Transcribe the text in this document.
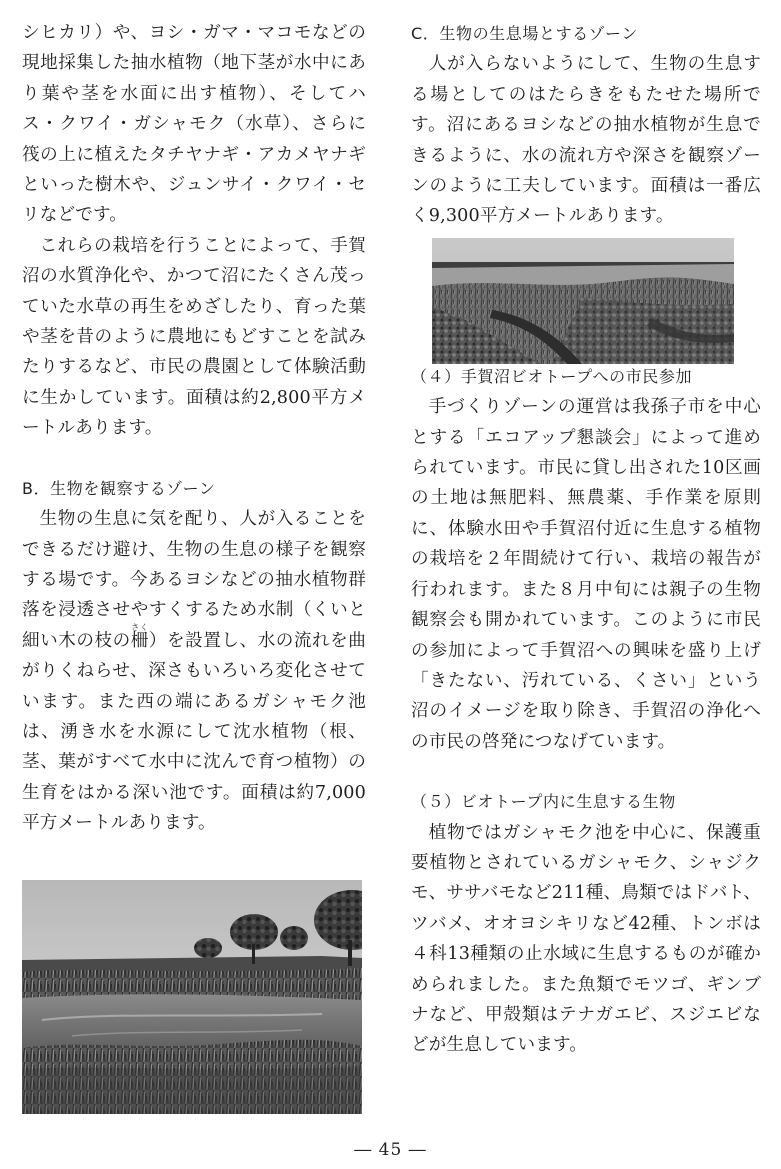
シヒカリ）や、ヨシ・ガマ・マコモなどの現地採集した抽水植物（地下茎が水中にあり葉や茎を水面に出す植物）、そしてハス・クワイ・ガシャモク（水草）、さらに筏の上に植えたタチヤナギ・アカメヤナギといった樹木や、ジュンサイ・クワイ・セリなどです。

これらの栽培を行うことによって、手賀沼の水質浄化や、かつて沼にたくさん茂っていた水草の再生をめざしたり、育った葉や茎を昔のように農地にもどすことを試みたりするなど、市民の農園として体験活動に生かしています。面積は約2,800平方メートルあります。

B．生物を観察するゾーン

生物の生息に気を配り、人が入ることをできるだけ避け、生物の生息の様子を観察する場です。今あるヨシなどの抽水植物群落を浸透させやすくするため水制（くいと細い木の枝の柵さく）を設置し、水の流れを曲がりくねらせ、深さもいろいろ変化させています。また西の端にあるガシャモク池は、湧き水を水源にして沈水植物（根、茎、葉がすべて水中に沈んで育つ植物）の生育をはかる深い池です。面積は約7,000平方メートルあります。

C．生物の生息場とするゾーン

人が入らないようにして、生物の生息する場としてのはたらきをもたせた場所です。沼にあるヨシなどの抽水植物が生息できるように、水の流れ方や深さを観察ゾーンのように工夫しています。面積は一番広く9,300平方メートルあります。

（４）手賀沼ビオトープへの市民参加

手づくりゾーンの運営は我孫子市を中心とする「エコアップ懇談会」によって進められています。市民に貸し出された10区画の土地は無肥料、無農薬、手作業を原則に、体験水田や手賀沼付近に生息する植物の栽培を２年間続けて行い、栽培の報告が行われます。また８月中旬には親子の生物観察会も開かれています。このように市民の参加によって手賀沼への興味を盛り上げ「きたない、汚れている、くさい」という沼のイメージを取り除き、手賀沼の浄化への市民の啓発につなげています。

（５）ビオトープ内に生息する生物

植物ではガシャモク池を中心に、保護重要植物とされているガシャモク、シャジクモ、ササバモなど211種、鳥類ではドバト、ツバメ、オオヨシキリなど42種、トンボは４科13種類の止水域に生息するものが確かめられました。また魚類でモツゴ、ギンブナなど、甲殻類はテナガエビ、スジエビなどが生息しています。

― 45 ―
